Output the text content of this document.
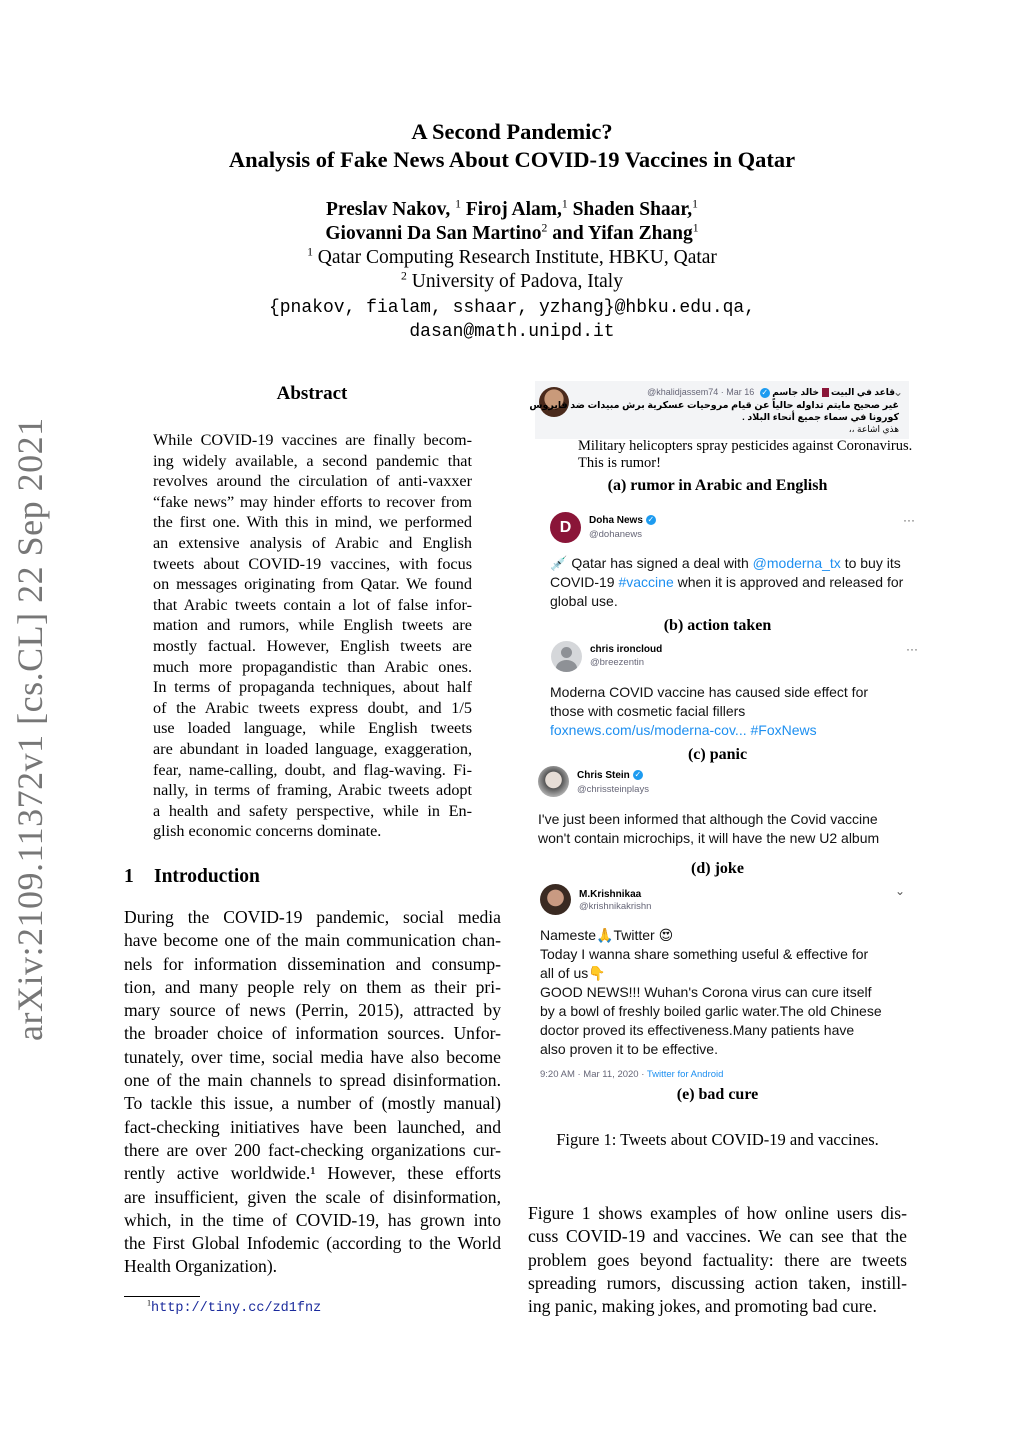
A Second Pandemic?
Analysis of Fake News About COVID-19 Vaccines in Qatar
Preslav Nakov, $^1$ Firoj Alam,$^1$ Shaden Shaar,$^1$
Giovanni Da San Martino$^2$ and Yifan Zhang$^1$
$^1$ Qatar Computing Research Institute, HBKU, Qatar
$^2$ University of Padova, Italy
{pnakov, fialam, sshaar, yzhang}@hbku.edu.qa,
dasan@math.unipd.it
arXiv:2109.11372v1 [cs.CL] 22 Sep 2021
Abstract
While COVID-19 vaccines are finally becom-
ing widely available, a second pandemic that
revolves around the circulation of anti-vaxxer
“fake news” may hinder efforts to recover from
the first one. With this in mind, we performed
an extensive analysis of Arabic and English
tweets about COVID-19 vaccines, with focus
on messages originating from Qatar. We found
that Arabic tweets contain a lot of false infor-
mation and rumors, while English tweets are
mostly factual. However, English tweets are
much more propagandistic than Arabic ones.
In terms of propaganda techniques, about half
of the Arabic tweets express doubt, and 1/5
use loaded language, while English tweets
are abundant in loaded language, exaggeration,
fear, name-calling, doubt, and flag-waving. Fi-
nally, in terms of framing, Arabic tweets adopt
a health and safety perspective, while in En-
glish economic concerns dominate.
1 Introduction
During the COVID-19 pandemic, social media
have become one of the main communication chan-
nels for information dissemination and consump-
tion, and many people rely on them as their pri-
mary source of news (Perrin, 2015), attracted by
the broader choice of information sources. Unfor-
tunately, over time, social media have also become
one of the main channels to spread disinformation.
To tackle this issue, a number of (mostly manual)
fact-checking initiatives have been launched, and
there are over 200 fact-checking organizations cur-
rently active worldwide.¹ However, these efforts
are insufficient, given the scale of disinformation,
which, in the time of COVID-19, has grown into
the First Global Infodemic (according to the World
Health Organization).
$^1$http://tiny.cc/zd1fnz
قاعد في البيت  خالد جاسم ✓ @khalidjassem74 · Mar 16	⌄
غير صحيح مايتم تداوله حالياً عن قيام مروحيات عسكرية برش مبيدات ضد فايروس
كورونا في سماء جميع أنحاء البلاد .
هذي اشاعة ،،
Military helicopters spray pesticides against Coronavirus.
This is rumor!
(a) rumor in Arabic and English
D	Doha News ✓
@dohanews
···
💉 Qatar has signed a deal with @moderna_tx to buy its
COVID-19 #vaccine when it is approved and released for
global use.
(b) action taken
chris ironcloud
@breezentin
···
Moderna COVID vaccine has caused side effect for
those with cosmetic facial fillers
foxnews.com/us/moderna-cov... #FoxNews
(c) panic
Chris Stein ✓
@chrissteinplays
I've just been informed that although the Covid vaccine
won't contain microchips, it will have the new U2 album
(d) joke
M.Krishnikaa
@krishnikakrishn
⌄
Nameste🙏Twitter 😍
Today I wanna share something useful & effective for
all of us👇
GOOD NEWS!!! Wuhan's Corona virus can cure itself
by a bowl of freshly boiled garlic water.The old Chinese
doctor proved its effectiveness.Many patients have
also proven it to be effective.
9:20 AM · Mar 11, 2020 · Twitter for Android
(e) bad cure
Figure 1: Tweets about COVID-19 and vaccines.
Figure 1 shows examples of how online users dis-
cuss COVID-19 and vaccines. We can see that the
problem goes beyond factuality: there are tweets
spreading rumors, discussing action taken, instill-
ing panic, making jokes, and promoting bad cure.
